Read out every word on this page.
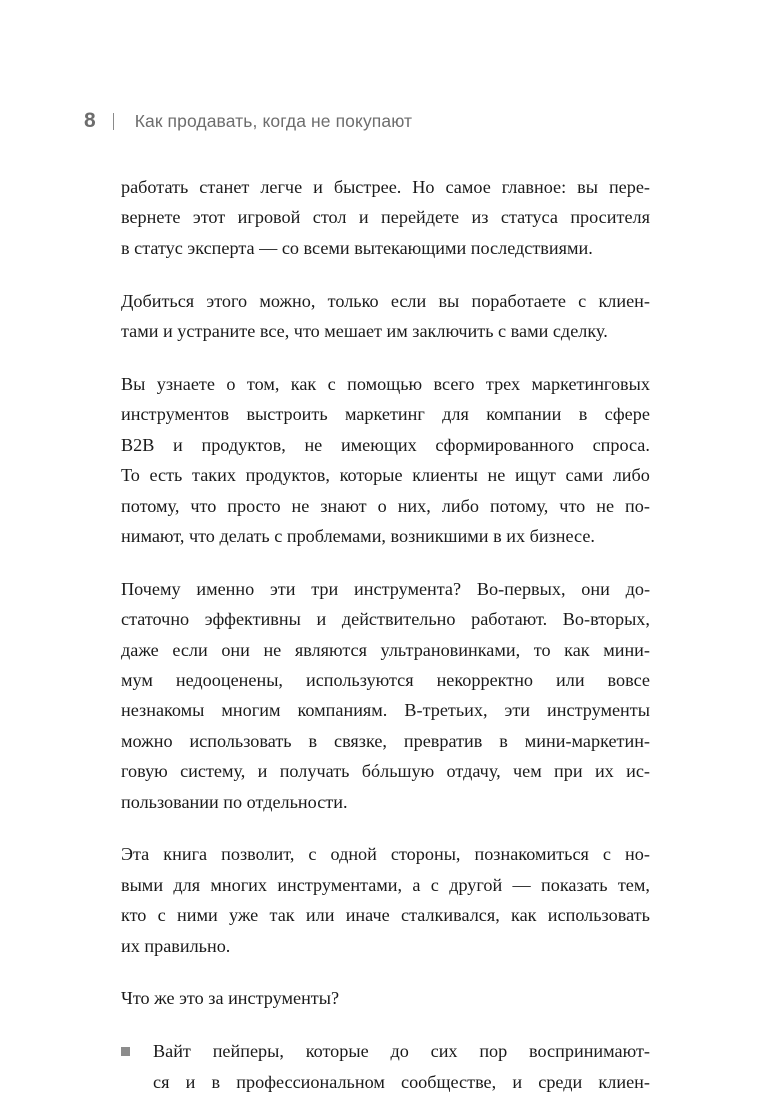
8 Как продавать, когда не покупают
работать станет легче и быстрее. Но самое главное: вы пере-
вернете этот игровой стол и перейдете из статуса просителя
в статус эксперта — со всеми вытекающими последствиями.
Добиться этого можно, только если вы поработаете с клиен-
тами и устраните все, что мешает им заключить с вами сделку.
Вы узнаете о том, как с помощью всего трех маркетинговых
инструментов выстроить маркетинг для компании в сфере
B2B и продуктов, не имеющих сформированного спроса.
То есть таких продуктов, которые клиенты не ищут сами либо
потому, что просто не знают о них, либо потому, что не по-
нимают, что делать с проблемами, возникшими в их бизнесе.
Почему именно эти три инструмента? Во-первых, они до-
статочно эффективны и действительно работают. Во-вторых,
даже если они не являются ультрановинками, то как мини-
мум недооценены, используются некорректно или вовсе
незнакомы многим компаниям. В-третьих, эти инструменты
можно использовать в связке, превратив в мини-маркетин-
говую систему, и получать бóльшую отдачу, чем при их ис-
пользовании по отдельности.
Эта книга позволит, с одной стороны, познакомиться с но-
выми для многих инструментами, а с другой — показать тем,
кто с ними уже так или иначе сталкивался, как использовать
их правильно.
Что же это за инструменты?
Вайт пейперы, которые до сих пор воспринимают-
ся и в профессиональном сообществе, и среди клиен-
